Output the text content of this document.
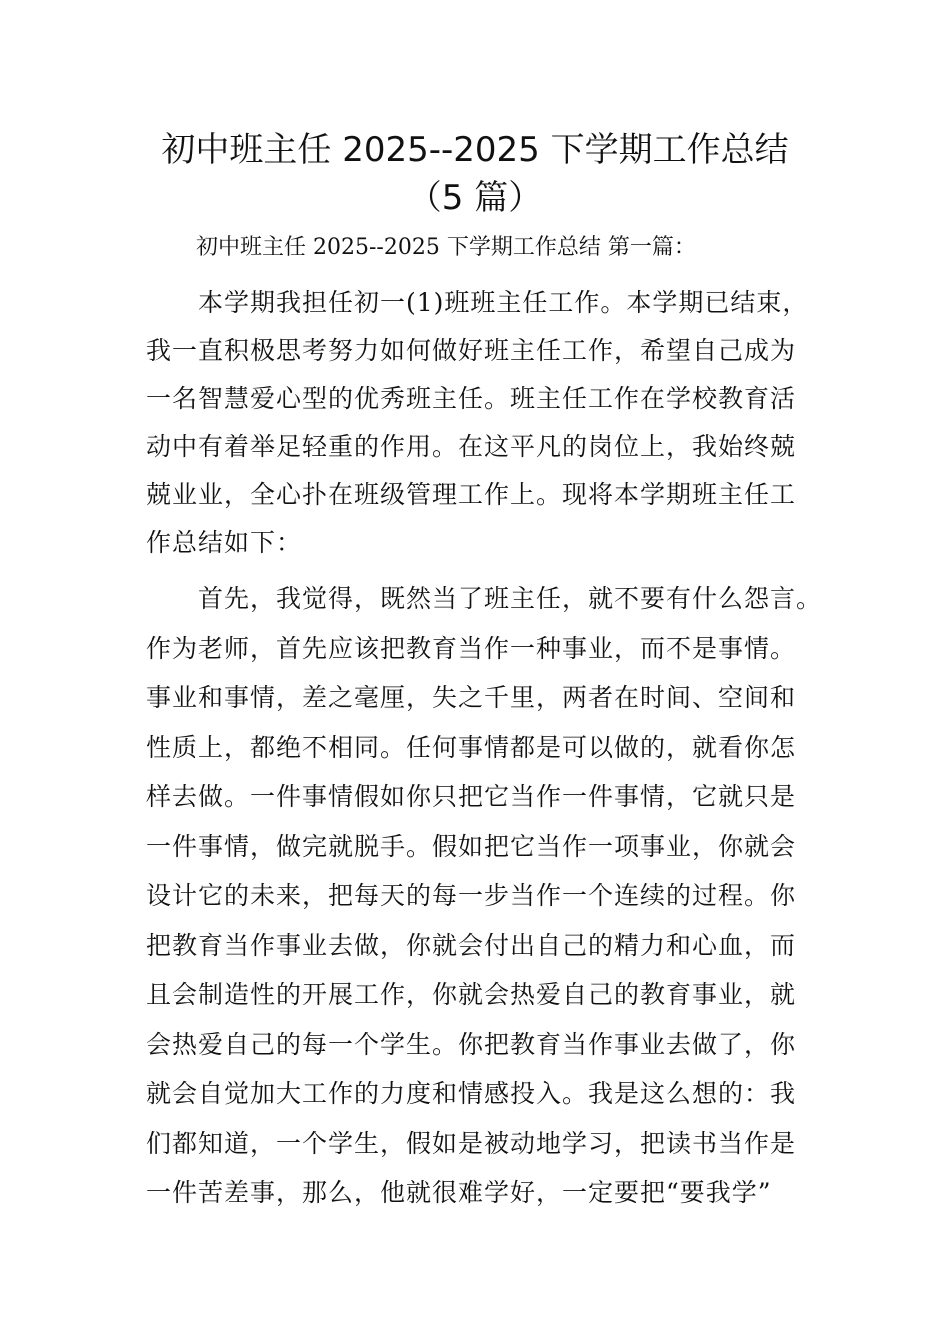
初中班主任 2025--2025 下学期工作总结
（5 篇）
初中班主任 2025--2025 下学期工作总结 第一篇：
本学期我担任初一(1)班班主任工作。本学期已结束，
我一直积极思考努力如何做好班主任工作，希望自己成为
一名智慧爱心型的优秀班主任。班主任工作在学校教育活
动中有着举足轻重的作用。在这平凡的岗位上，我始终兢
兢业业，全心扑在班级管理工作上。现将本学期班主任工
作总结如下：
首先，我觉得，既然当了班主任，就不要有什么怨言。
作为老师，首先应该把教育当作一种事业，而不是事情。
事业和事情，差之毫厘，失之千里，两者在时间、空间和
性质上，都绝不相同。任何事情都是可以做的，就看你怎
样去做。一件事情假如你只把它当作一件事情，它就只是
一件事情，做完就脱手。假如把它当作一项事业，你就会
设计它的未来，把每天的每一步当作一个连续的过程。你
把教育当作事业去做，你就会付出自己的精力和心血，而
且会制造性的开展工作，你就会热爱自己的教育事业，就
会热爱自己的每一个学生。你把教育当作事业去做了，你
就会自觉加大工作的力度和情感投入。我是这么想的：我
们都知道，一个学生，假如是被动地学习，把读书当作是
一件苦差事，那么，他就很难学好，一定要把“要我学”
